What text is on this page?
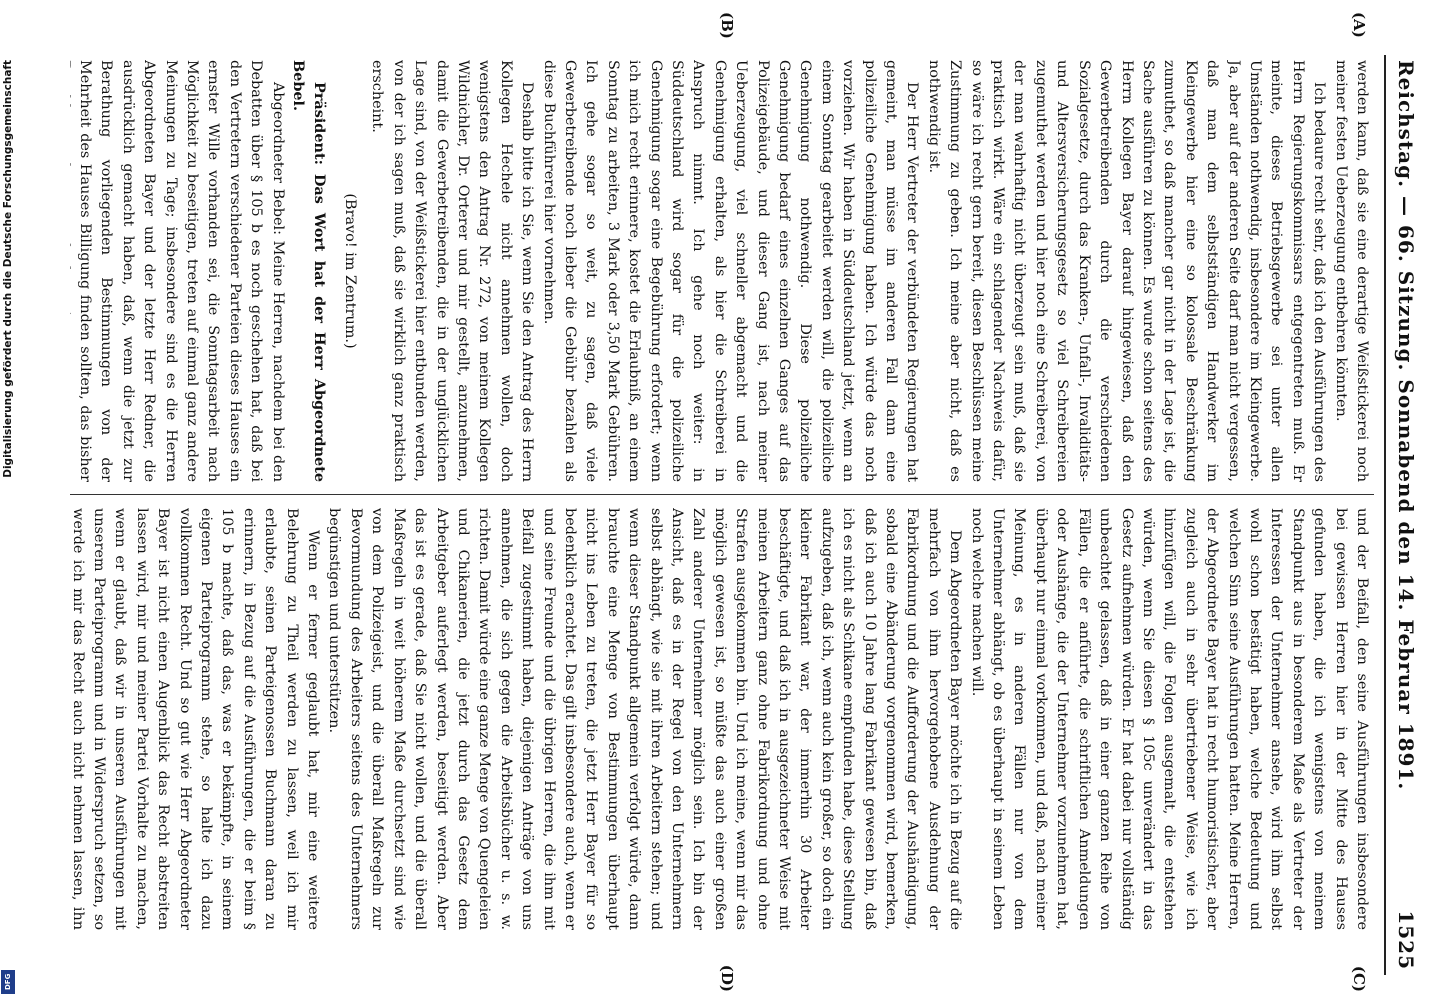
Reichstag. — 66. Sitzung. Sonnabend den 14. Februar 1891.
1525
(A)
(B)
(C)
(D)

werden kann, daß sie eine derartige Weißstickerei noch meiner festen Ueberzeugung entbehren könnten.

Ich bedaure recht sehr, daß ich den Ausführungen des Herrn Regierungskommissars entgegentreten muß. Er meinte, dieses Betriebsgewerbe sei unter allen Umständen nothwendig, insbesondere im Kleingewerbe. Ja, aber auf der anderen Seite darf man nicht vergessen, daß man dem selbstständigen Handwerker im Kleingewerbe hier eine so kolossale Beschränkung zumuthet, so daß mancher gar nicht in der Lage ist, die Sache ausführen zu können. Es wurde schon seitens des Herrn Kollegen Bayer darauf hingewiesen, daß den Gewerbetreibenden durch die verschiedenen Sozialgesetze, durch das Kranken-, Unfall-, Invaliditäts- und Altersversicherungsgesetz so viel Schreibereien zugemuthet werden und hier noch eine Schreiberei, von der man wahrhaftig nicht überzeugt sein muß, daß sie praktisch wirkt. Wäre ein schlagender Nachweis dafür, so wäre ich recht gern bereit, diesen Beschlüssen meine Zustimmung zu geben. Ich meine aber nicht, daß es nothwendig ist.

Der Herr Vertreter der verbündeten Regierungen hat gemeint, man müsse im anderen Fall dann eine polizeiliche Genehmigung haben. Ich würde das noch vorziehen. Wir haben in Süddeutschland jetzt, wenn an einem Sonntag gearbeitet werden will, die polizeiliche Genehmigung nothwendig. Diese polizeiliche Genehmigung bedarf eines einzelnen Ganges auf das Polizeigebäude, und dieser Gang ist, nach meiner Ueberzeugung, viel schneller abgemacht und die Genehmigung erhalten, als hier die Schreiberei in Anspruch nimmt. Ich gehe noch weiter: in Süddeutschland wird sogar für die polizeiliche Genehmigung sogar eine Begebührung erfordert; wenn ich mich recht erinnere, kostet die Erlaubniß, an einem Sonntag zu arbeiten, 3 Mark oder 3,50 Mark Gebühren. Ich gehe sogar so weit, zu sagen, daß viele Gewerbetreibende noch lieber die Gebühr bezahlen als diese Buchführerei hier vornehmen.

Deshalb bitte ich Sie, wenn Sie den Antrag des Herrn Kollegen Hechele nicht annehmen wollen, doch wenigstens den Antrag Nr. 272, von meinem Kollegen Wildnichler, Dr. Orterer und mir gestellt, anzunehmen, damit die Gewerbetreibenden, die in der unglücklichen Lage sind, von der Weißstickerei hier entbunden werden, von der ich sagen muß, daß sie wirklich ganz praktisch erscheint.

(Bravo! im Zentrum.)

Präsident: Das Wort hat der Herr Abgeordnete Bebel.

Abgeordneter Bebel: Meine Herren, nachdem bei den Debatten über § 105 b es noch geschehen hat, daß bei den Vertretern verschiedener Parteien dieses Hauses ein ernster Wille vorhanden sei, die Sonntagsarbeit nach Möglichkeit zu beseitigen, treten auf einmal ganz andere Meinungen zu Tage; insbesondere sind es die Herren Abgeordneten Bayer und der letzte Herr Redner, die ausdrücklich gemacht haben, daß, wenn die jetzt zur Berathung vorliegenden Bestimmungen von der Mehrheit des Hauses Billigung finden sollten, das bisher

und der Beifall, den seine Ausführungen insbesondere bei gewissen Herren hier in der Mitte des Hauses gefunden haben, die ich wenigstens von meinem Standpunkt aus in besonderem Maße als Vertreter der Interessen der Unternehmer ansehe, wird ihm selbst wohl schon bestätigt haben, welche Bedeutung und welchen Sinn seine Ausführungen hatten. Meine Herren, der Abgeordnete Bayer hat in recht humoristischer, aber zugleich auch in sehr übertriebener Weise, wie ich hinzufügen will, die Folgen ausgemalt, die entstehen würden, wenn Sie diesen § 105c unverändert in das Gesetz aufnehmen würden. Er hat dabei nur vollständig unbeachtet gelassen, daß in einer ganzen Reihe von Fällen, die er anführte, die schriftlichen Anmeldungen oder Aushänge, die der Unternehmer vorzunehmen hat, überhaupt nur einmal vorkommen, und daß, nach meiner Meinung, es in anderen Fällen nur von dem Unternehmer abhängt, ob es überhaupt in seinem Leben noch welche machen will.

Dem Abgeordneten Bayer möchte ich in Bezug auf die mehrfach von ihm hervorgehobene Ausdehnung der Fabrikordnung und die Aufforderung der Aushändigung, sobald eine Abänderung vorgenommen wird, bemerken, daß ich auch 10 Jahre lang Fabrikant gewesen bin, daß ich es nicht als Schikane empfunden habe, diese Stellung aufzugeben, daß ich, wenn auch kein großer, so doch ein kleiner Fabrikant war, der immerhin 30 Arbeiter beschäftigte, und daß ich in ausgezeichneter Weise mit meinen Arbeitern ganz ohne Fabrikordnung und ohne Strafen ausgekommen bin. Und ich meine, wenn mir das möglich gewesen ist, so müßte das auch einer großen Zahl anderer Unternehmer möglich sein. Ich bin der Ansicht, daß es in der Regel von den Unternehmern selbst abhängt, wie sie mit ihren Arbeitern stehen; und wenn dieser Standpunkt allgemein verfolgt würde, dann brauchte eine Menge von Bestimmungen überhaupt nicht ins Leben zu treten, die jetzt Herr Bayer für so bedenklich erachtet. Das gilt insbesondere auch, wenn er und seine Freunde und die übrigen Herren, die ihm mit Beifall zugestimmt haben, diejenigen Anträge von uns annehmen, die sich gegen die Arbeitsbücher u. s. w. richten. Damit würde eine ganze Menge von Quengeleien und Chikanerien, die jetzt durch das Gesetz dem Arbeitgeber auferlegt werden, beseitigt werden. Aber das ist es gerade, daß Sie nicht wollen, und die überall Maßregeln in weit höherem Maße durchsetzt sind wie von dem Polizeigeist, und die überall Maßregeln zur Bevormundung des Arbeiters seitens des Unternehmers begünstigen und unterstützen.

Wenn er ferner geglaubt hat, mir eine weitere Belehrung zu Theil werden zu lassen, weil ich mir erlaubte, seinen Parteigenossen Buchmann daran zu erinnern, in Bezug auf die Ausführungen, die er beim § 105 b machte, daß das, was er bekämpfte, in seinem eigenen Parteiprogramm stehe, so halte ich dazu vollkommen Recht. Und so gut wie Herr Abgeordneter Bayer ist nicht einen Augenblick das Recht abstreiten lassen wird, mir und meiner Partei Vorhalte zu machen, wenn er glaubt, daß wir in unseren Ausführungen mit unserem Parteiprogramm und in Widerspruch setzen, so werde ich mir das Recht auch nicht nehmen lassen, ihn

Digitalisierung gefördert durch die Deutsche Forschungsgemeinschaft
DFG
